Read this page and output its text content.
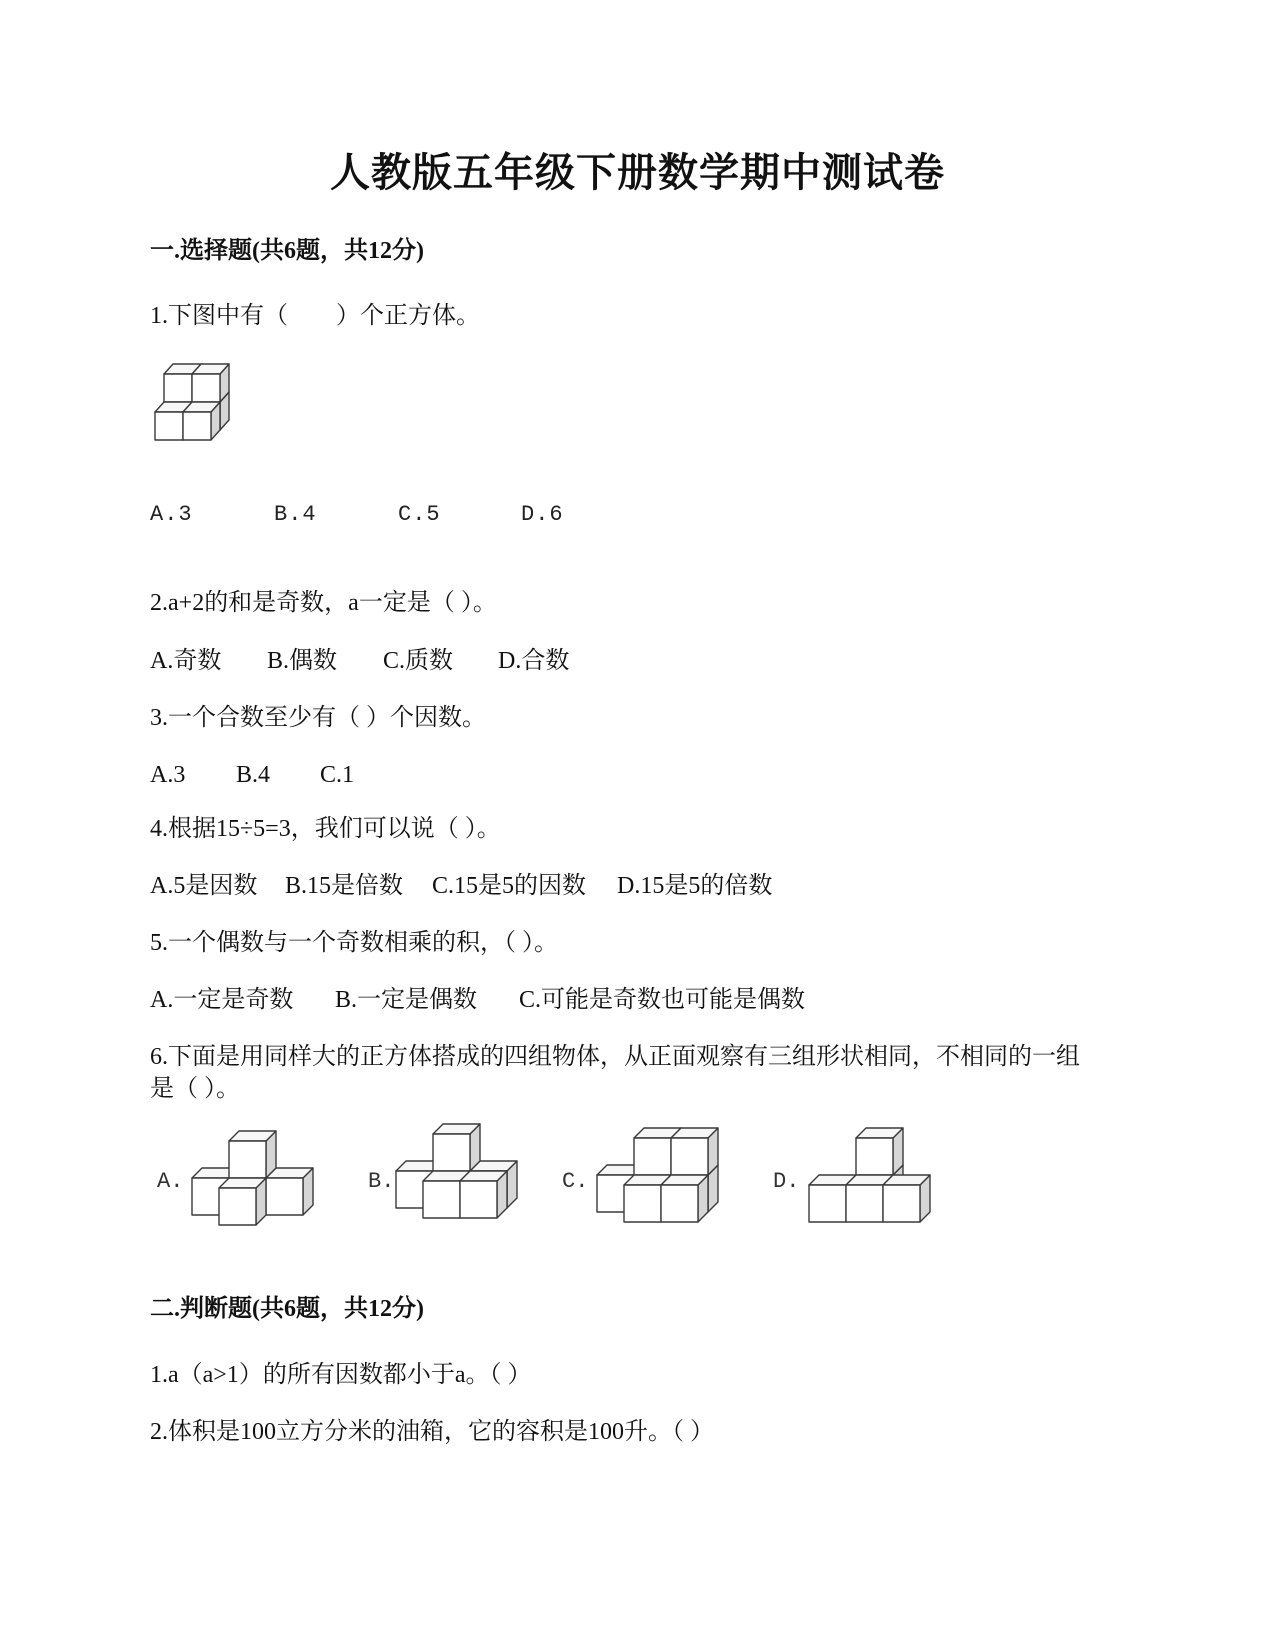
人教版五年级下册数学期中测试卷
一.选择题(共6题，共12分)
1.下图中有（　　）个正方体。
A.3	B.4	C.5	D.6
2.a+2的和是奇数，a一定是（ ）。
A.奇数 B.偶数 C.质数 D.合数
3.一个合数至少有（ ）个因数。
A.3 B.4 C.1
4.根据15÷5=3，我们可以说（ ）。
A.5是因数 B.15是倍数 C.15是5的因数 D.15是5的倍数
5.一个偶数与一个奇数相乘的积，（ ）。
A.一定是奇数 B.一定是偶数 C.可能是奇数也可能是偶数
6.下面是用同样大的正方体搭成的四组物体，从正面观察有三组形状相同，不相同的一组
是（ ）。
A.	B.	C.	D.
二.判断题(共6题，共12分)
1.a（a>1）的所有因数都小于a。（ ）
2.体积是100立方分米的油箱，它的容积是100升。（ ）
